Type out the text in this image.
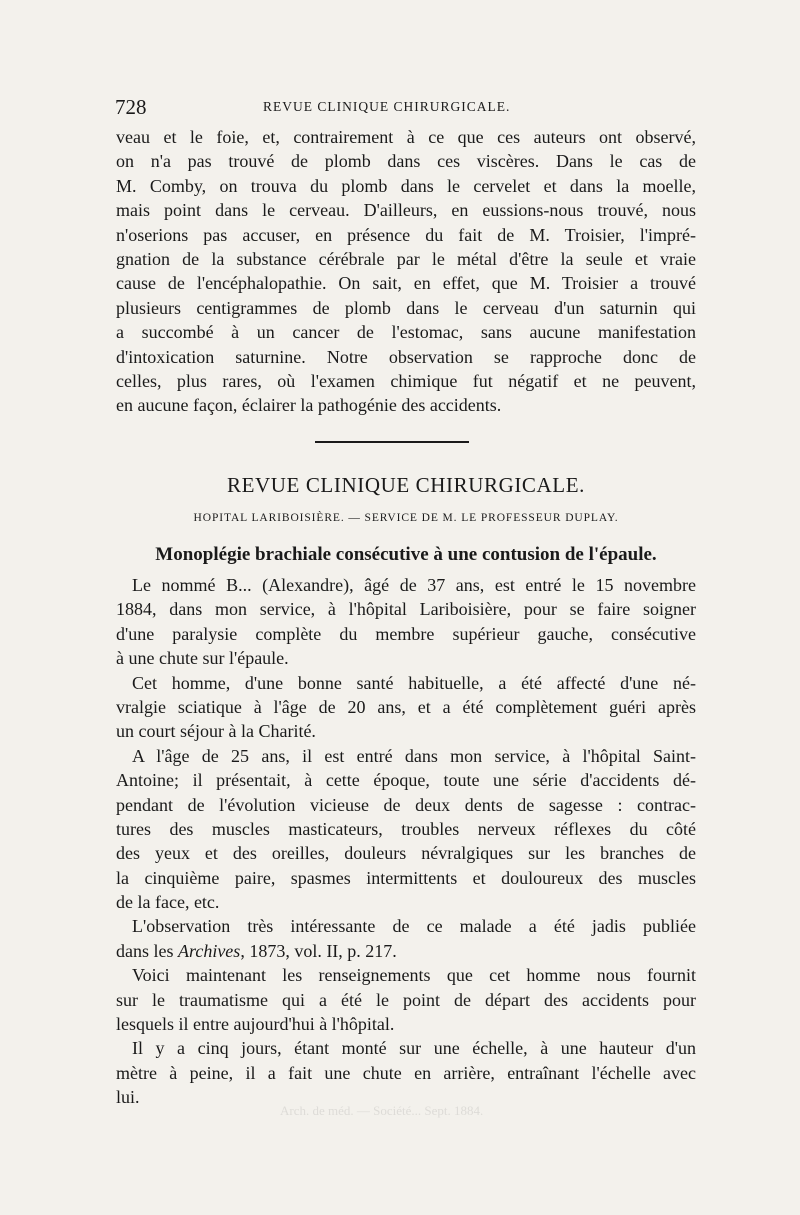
728	REVUE CLINIQUE CHIRURGICALE.
veau et le foie, et, contrairement à ce que ces auteurs ont observé,
on n'a pas trouvé de plomb dans ces viscères. Dans le cas de
M. Comby, on trouva du plomb dans le cervelet et dans la moelle,
mais point dans le cerveau. D'ailleurs, en eussions-nous trouvé, nous
n'oserions pas accuser, en présence du fait de M. Troisier, l'impré-
gnation de la substance cérébrale par le métal d'être la seule et vraie
cause de l'encéphalopathie. On sait, en effet, que M. Troisier a trouvé
plusieurs centigrammes de plomb dans le cerveau d'un saturnin qui
a succombé à un cancer de l'estomac, sans aucune manifestation
d'intoxication saturnine. Notre observation se rapproche donc de
celles, plus rares, où l'examen chimique fut négatif et ne peuvent,
en aucune façon, éclairer la pathogénie des accidents.
REVUE CLINIQUE CHIRURGICALE.
HOPITAL LARIBOISIÈRE. — SERVICE DE M. LE PROFESSEUR DUPLAY.
Monoplégie brachiale consécutive à une contusion de l'épaule.
Le nommé B... (Alexandre), âgé de 37 ans, est entré le 15 novembre
1884, dans mon service, à l'hôpital Lariboisière, pour se faire soigner
d'une paralysie complète du membre supérieur gauche, consécutive
à une chute sur l'épaule.
Cet homme, d'une bonne santé habituelle, a été affecté d'une né-
vralgie sciatique à l'âge de 20 ans, et a été complètement guéri après
un court séjour à la Charité.
A l'âge de 25 ans, il est entré dans mon service, à l'hôpital Saint-
Antoine; il présentait, à cette époque, toute une série d'accidents dé-
pendant de l'évolution vicieuse de deux dents de sagesse : contrac-
tures des muscles masticateurs, troubles nerveux réflexes du côté
des yeux et des oreilles, douleurs névralgiques sur les branches de
la cinquième paire, spasmes intermittents et douloureux des muscles
de la face, etc.
L'observation très intéressante de ce malade a été jadis publiée
dans les Archives, 1873, vol. II, p. 217.
Voici maintenant les renseignements que cet homme nous fournit
sur le traumatisme qui a été le point de départ des accidents pour
lesquels il entre aujourd'hui à l'hôpital.
Il y a cinq jours, étant monté sur une échelle, à une hauteur d'un
mètre à peine, il a fait une chute en arrière, entraînant l'échelle avec
lui.
Arch. de méd. — Société... Sept. 1884.
